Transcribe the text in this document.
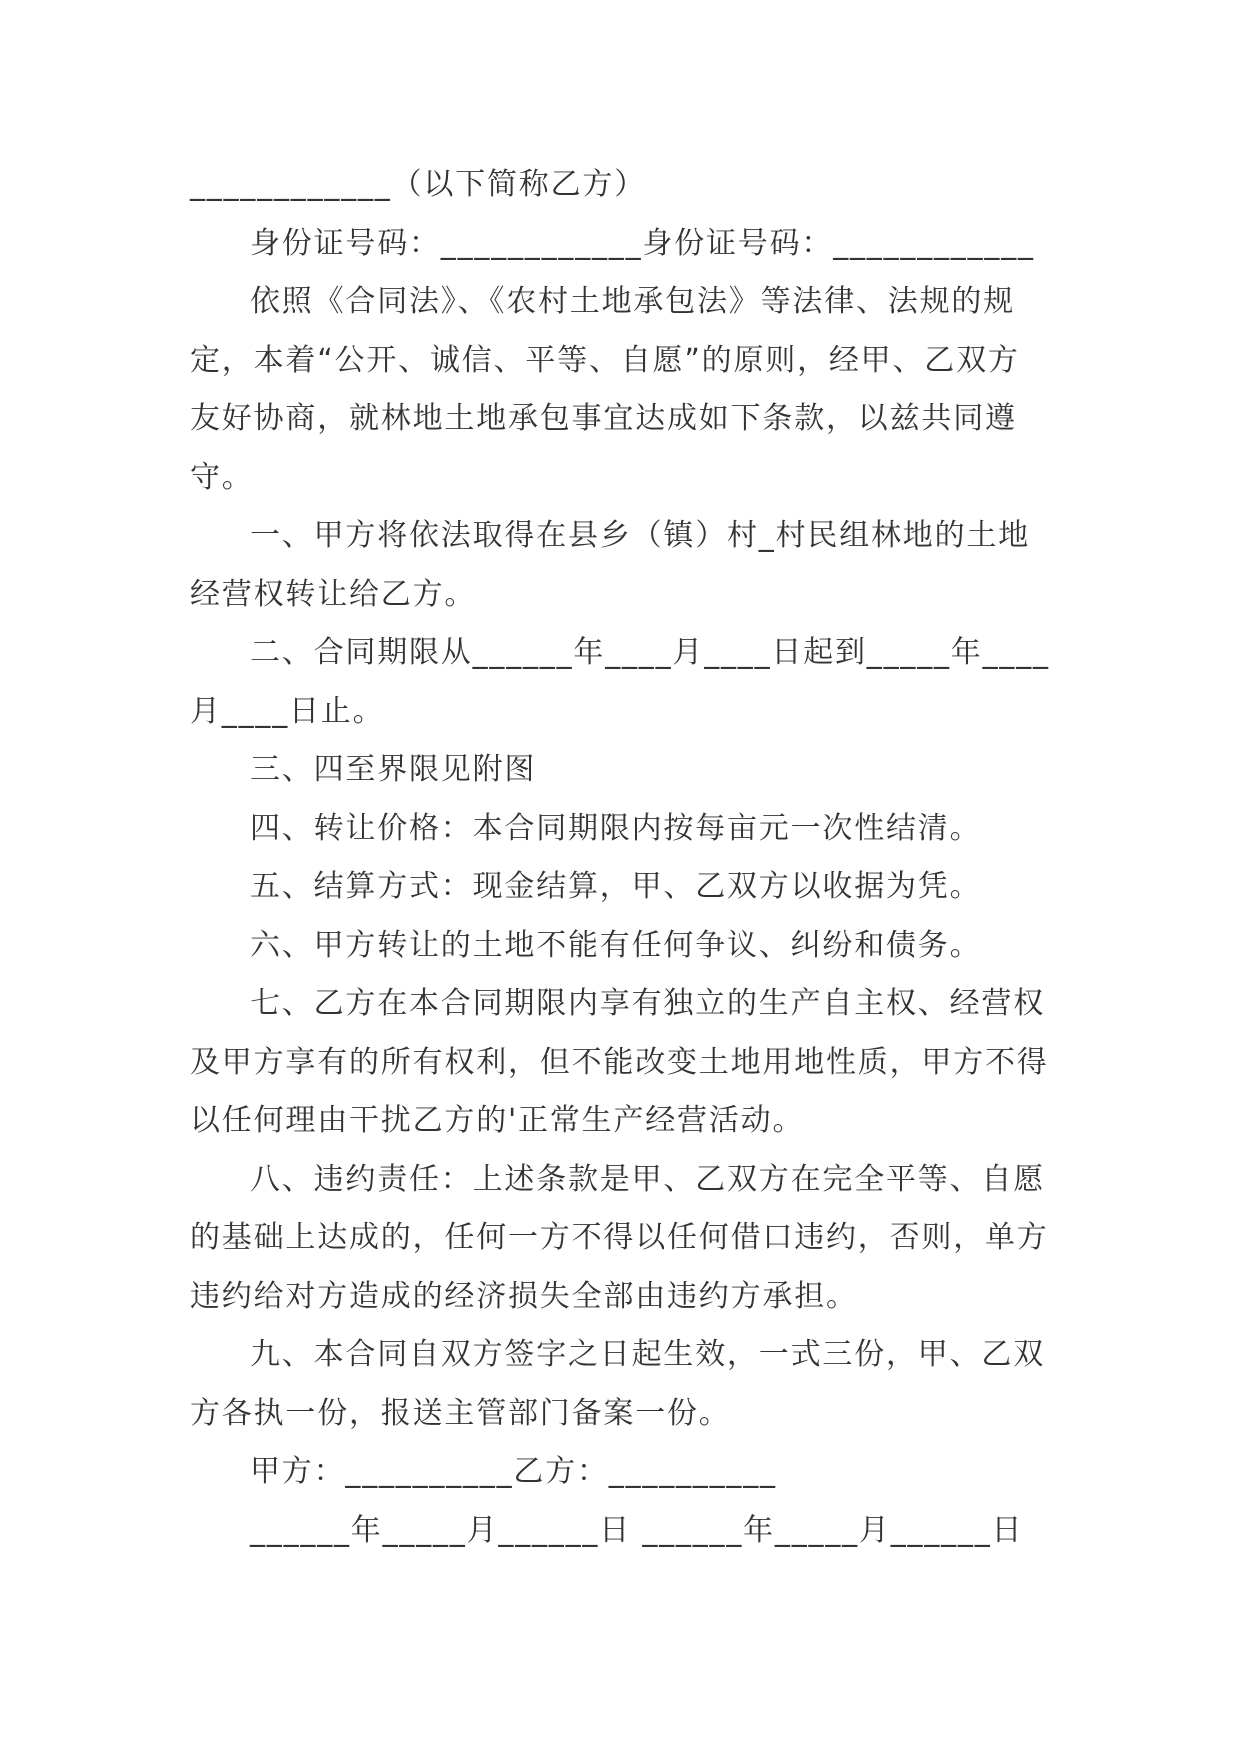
____________（以下简称乙方）

身份证号码：____________身份证号码：____________

依照《合同法》、《农村土地承包法》等法律、法规的规定，本着“公开、诚信、平等、自愿”的原则，经甲、乙双方友好协商，就林地土地承包事宜达成如下条款，以兹共同遵守。

一、甲方将依法取得在县乡（镇）村_村民组林地的土地经营权转让给乙方。

二、合同期限从______年____月____日起到_____年____月____日止。

三、四至界限见附图

四、转让价格：本合同期限内按每亩元一次性结清。

五、结算方式：现金结算，甲、乙双方以收据为凭。

六、甲方转让的土地不能有任何争议、纠纷和债务。

七、乙方在本合同期限内享有独立的生产自主权、经营权及甲方享有的所有权利，但不能改变土地用地性质，甲方不得以任何理由干扰乙方的'正常生产经营活动。

八、违约责任：上述条款是甲、乙双方在完全平等、自愿的基础上达成的，任何一方不得以任何借口违约，否则，单方违约给对方造成的经济损失全部由违约方承担。

九、本合同自双方签字之日起生效，一式三份，甲、乙双方各执一份，报送主管部门备案一份。

甲方：__________乙方：__________

______年_____月______日 ______年_____月______日
